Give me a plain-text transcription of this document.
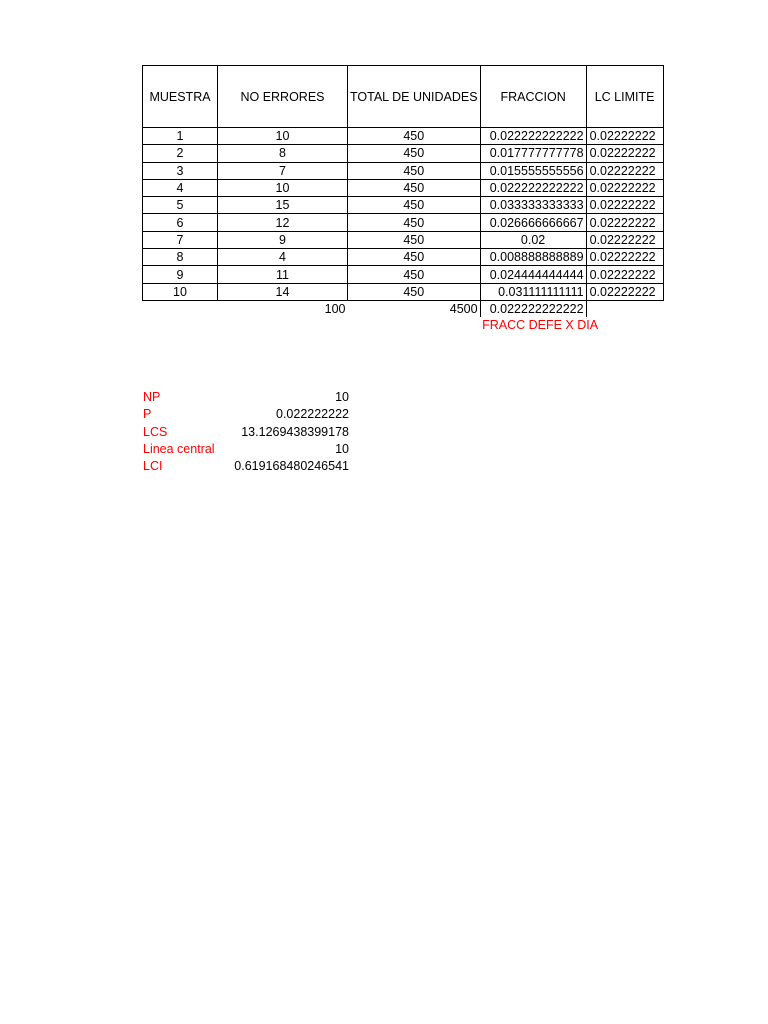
MUESTRA	NO ERRORES	TOTAL DE UNIDADES	FRACCION	LC LIMITE
1	10	450	0.022222222222	0.02222222
2	8	450	0.017777777778	0.02222222
3	7	450	0.015555555556	0.02222222
4	10	450	0.022222222222	0.02222222
5	15	450	0.033333333333	0.02222222
6	12	450	0.026666666667	0.02222222
7	9	450	0.02	0.02222222
8	4	450	0.008888888889	0.02222222
9	11	450	0.024444444444	0.02222222
10	14	450	0.031111111111	0.02222222
	100	4500	0.022222222222	
			FRACC DEFE X DIA	
NP	10
P	0.022222222
LCS	13.1269438399178
Linea central	10
LCI	0.619168480246541
